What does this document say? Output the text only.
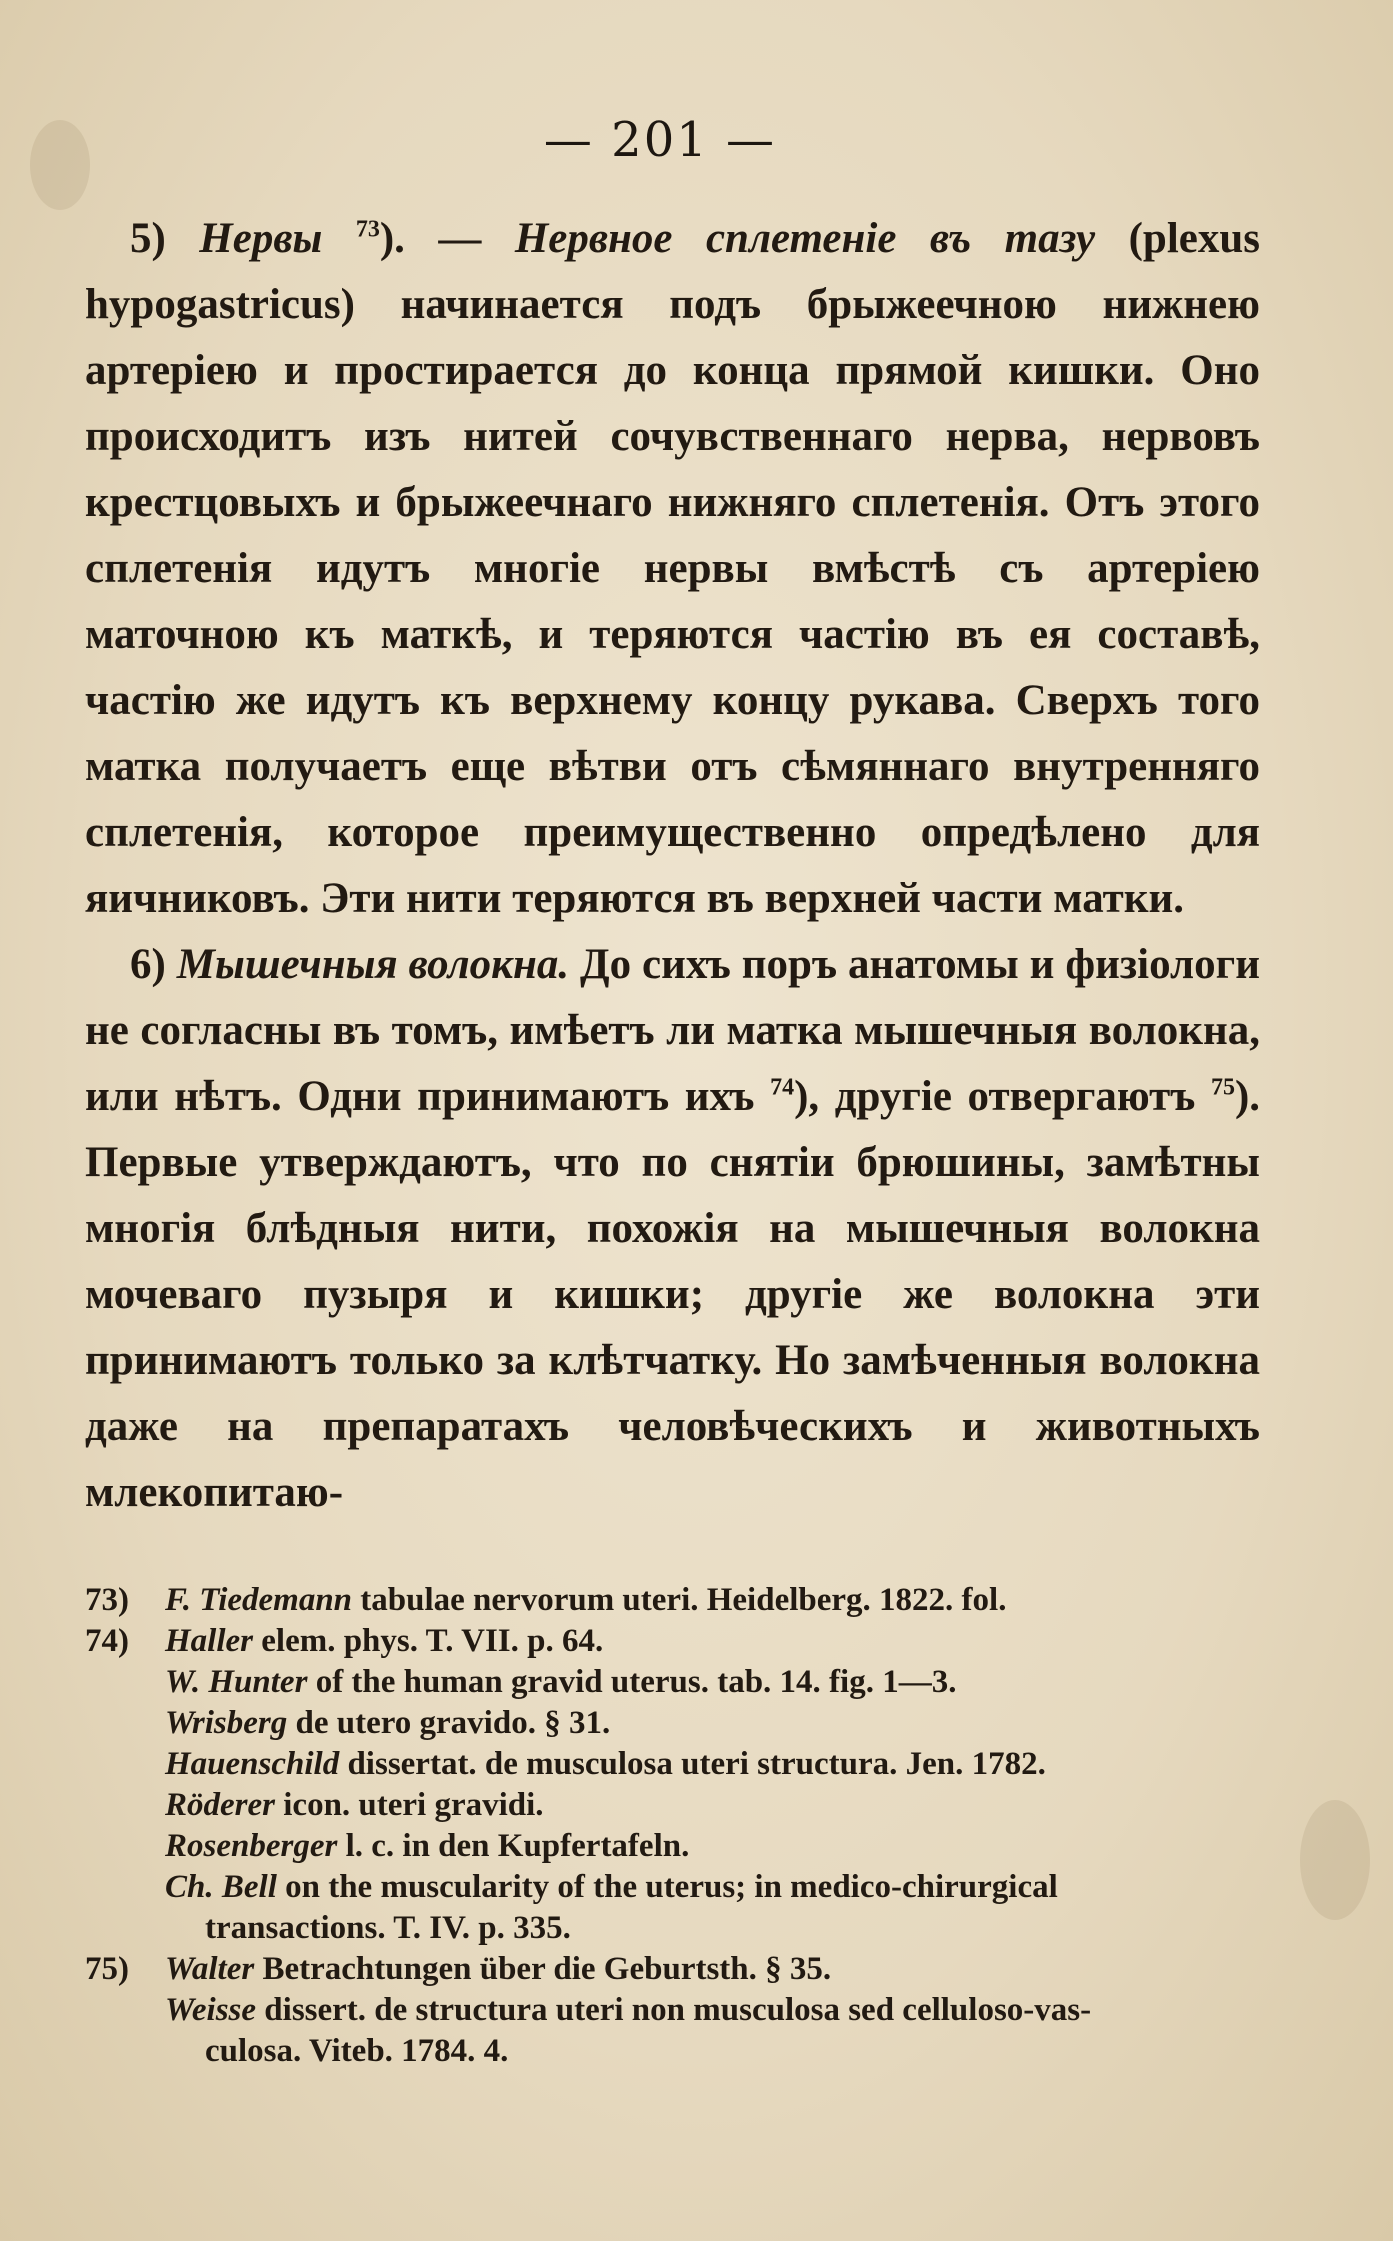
— 201 —

5) Нервы $^{73}$). — Нервное сплетеніе въ тазу (plexus hypogastricus) начинается подъ брыжеечною нижнею артеріею и простирается до конца прямой кишки. Оно происходитъ изъ нитей сочувственнаго нерва, нервовъ крестцовыхъ и брыжеечнаго нижняго сплетенія. Отъ этого сплетенія идутъ многіе нервы вмѣстѣ съ артеріею маточною къ маткѣ, и теряются частію въ ея составѣ, частію же идутъ къ верхнему концу рукава. Сверхъ того матка получаетъ еще вѣтви отъ сѣмяннаго внутренняго сплетенія, которое преимущественно опредѣлено для яичниковъ. Эти нити теряются въ верхней части матки.

6) Мышечныя волокна. До сихъ поръ анатомы и физіологи не согласны въ томъ, имѣетъ ли матка мышечныя волокна, или нѣтъ. Одни принимаютъ ихъ $^{74}$), другіе отвергаютъ $^{75}$). Первые утверждаютъ, что по снятіи брюшины, замѣтны многія блѣдныя нити, похожія на мышечныя волокна мочеваго пузыря и кишки; другіе же волокна эти принимаютъ только за клѣтчатку. Но замѣченныя волокна даже на препаратахъ человѣческихъ и животныхъ млекопитаю-

73) F. Tiedemann tabulae nervorum uteri. Heidelberg. 1822. fol.
74) Haller elem. phys. T. VII. p. 64.
W. Hunter of the human gravid uterus. tab. 14. fig. 1—3.
Wrisberg de utero gravido. § 31.
Hauenschild dissertat. de musculosa uteri structura. Jen. 1782.
Röderer icon. uteri gravidi.
Rosenberger l. c. in den Kupfertafeln.
Ch. Bell on the muscularity of the uterus; in medico-chirurgical
transactions. T. IV. p. 335.
75) Walter Betrachtungen über die Geburtsth. § 35.
Weisse dissert. de structura uteri non musculosa sed celluloso-vas-
culosa. Viteb. 1784. 4.
